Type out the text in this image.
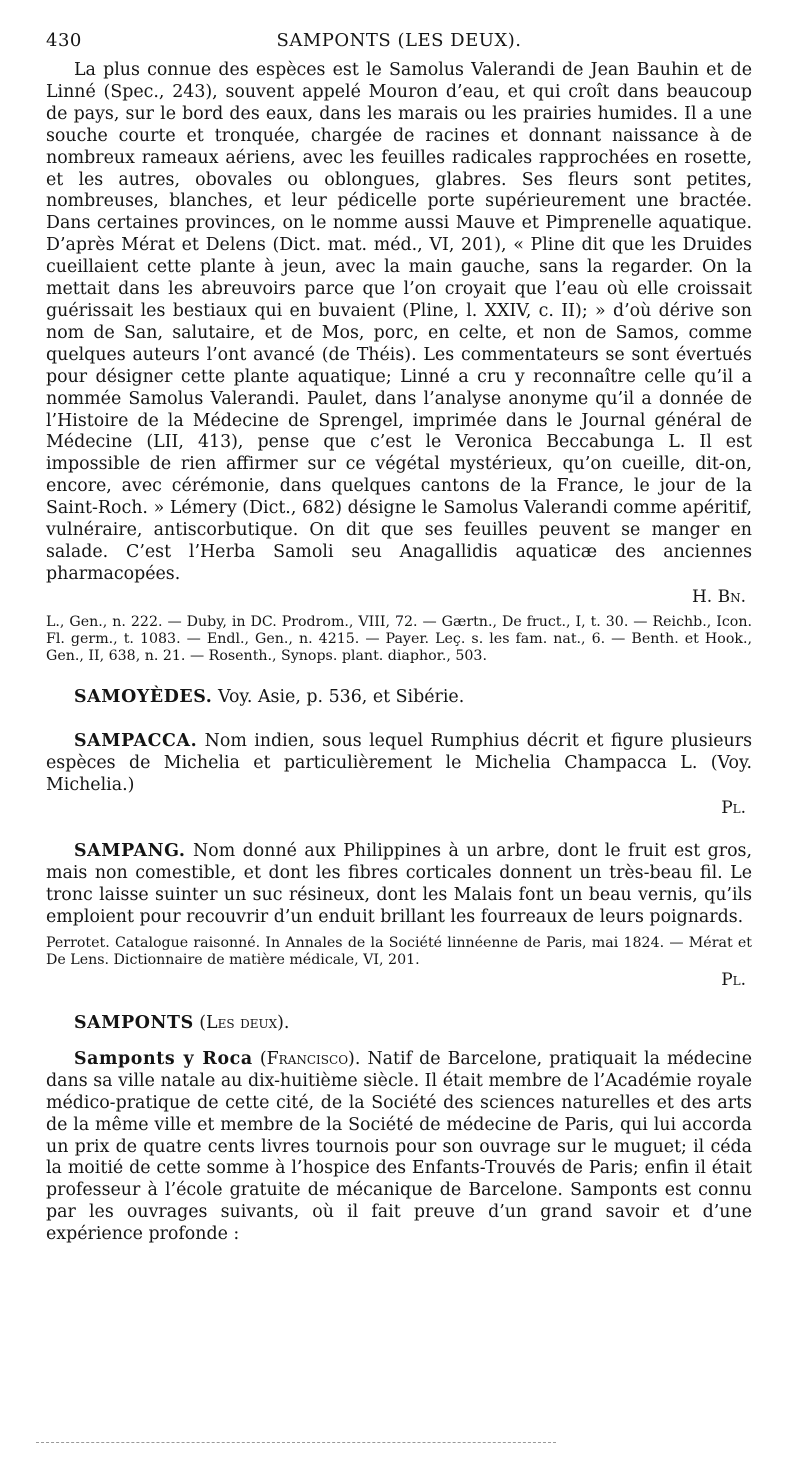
430	SAMPONTS (LES DEUX).

La plus connue des espèces est le Samolus Valerandi de Jean Bauhin et de Linné (Spec., 243), souvent appelé Mouron d’eau, et qui croît dans beaucoup de pays, sur le bord des eaux, dans les marais ou les prairies humides. Il a une souche courte et tronquée, chargée de racines et donnant naissance à de nombreux rameaux aériens, avec les feuilles radicales rapprochées en rosette, et les autres, obovales ou oblongues, glabres. Ses fleurs sont petites, nombreuses, blanches, et leur pédicelle porte supérieurement une bractée. Dans certaines provinces, on le nomme aussi Mauve et Pimprenelle aquatique. D’après Mérat et Delens (Dict. mat. méd., VI, 201), « Pline dit que les Druides cueillaient cette plante à jeun, avec la main gauche, sans la regarder. On la mettait dans les abreuvoirs parce que l’on croyait que l’eau où elle croissait guérissait les bestiaux qui en buvaient (Pline, l. XXIV, c. II); » d’où dérive son nom de San, salutaire, et de Mos, porc, en celte, et non de Samos, comme quelques auteurs l’ont avancé (de Théis). Les commentateurs se sont évertués pour désigner cette plante aquatique; Linné a cru y reconnaître celle qu’il a nommée Samolus Valerandi. Paulet, dans l’analyse anonyme qu’il a donnée de l’Histoire de la Médecine de Sprengel, imprimée dans le Journal général de Médecine (LII, 413), pense que c’est le Veronica Beccabunga L. Il est impossible de rien affirmer sur ce végétal mystérieux, qu’on cueille, dit-on, encore, avec cérémonie, dans quelques cantons de la France, le jour de la Saint-Roch. » Lémery (Dict., 682) désigne le Samolus Valerandi comme apéritif, vulnéraire, antiscorbutique. On dit que ses feuilles peuvent se manger en salade. C’est l’Herba Samoli seu Anagallidis aquaticæ des anciennes pharmacopées.

H. Bn.

L., Gen., n. 222. — Duby, in DC. Prodrom., VIII, 72. — Gærtn., De fruct., I, t. 30. — Reichb., Icon. Fl. germ., t. 1083. — Endl., Gen., n. 4215. — Payer. Leç. s. les fam. nat., 6. — Benth. et Hook., Gen., II, 638, n. 21. — Rosenth., Synops. plant. diaphor., 503.

SAMOYÈDES. Voy. Asie, p. 536, et Sibérie.

SAMPACCA. Nom indien, sous lequel Rumphius décrit et figure plusieurs espèces de Michelia et particulièrement le Michelia Champacca L. (Voy. Michelia.)

Pl.

SAMPANG. Nom donné aux Philippines à un arbre, dont le fruit est gros, mais non comestible, et dont les fibres corticales donnent un très-beau fil. Le tronc laisse suinter un suc résineux, dont les Malais font un beau vernis, qu’ils emploient pour recouvrir d’un enduit brillant les fourreaux de leurs poignards.

Perrotet. Catalogue raisonné. In Annales de la Société linnéenne de Paris, mai 1824. — Mérat et De Lens. Dictionnaire de matière médicale, VI, 201.

Pl.

SAMPONTS (Les deux).

Samponts y Roca (Francisco). Natif de Barcelone, pratiquait la médecine dans sa ville natale au dix-huitième siècle. Il était membre de l’Académie royale médico-pratique de cette cité, de la Société des sciences naturelles et des arts de la même ville et membre de la Société de médecine de Paris, qui lui accorda un prix de quatre cents livres tournois pour son ouvrage sur le muguet; il céda la moitié de cette somme à l’hospice des Enfants-Trouvés de Paris; enfin il était professeur à l’école gratuite de mécanique de Barcelone. Samponts est connu par les ouvrages suivants, où il fait preuve d’un grand savoir et d’une expérience profonde :
